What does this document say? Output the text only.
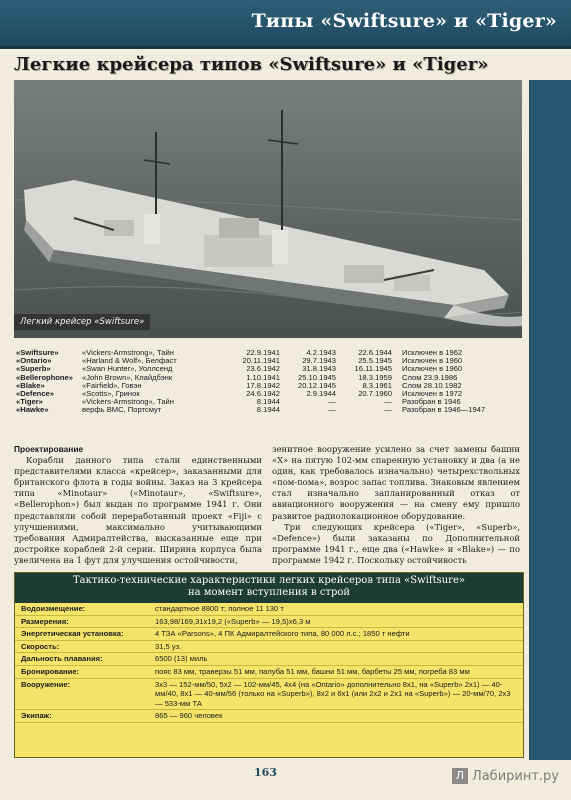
Типы «Swiftsure» и «Tiger»
Легкие крейсера типов «Swiftsure» и «Tiger»
Легкий крейсер «Swiftsure»
«Swiftsure»	«Vickers-Armstrong», Тайн	22.9.1941	4.2.1943	22.6.1944	Исключен в 1962
«Ontario»	«Harland & Wolf», Белфаст	20.11.1941	29.7.1943	25.5.1945	Исключен в 1960
«Superb»	«Swan Hunter», Уоллсенд	23.6.1942	31.8.1943	16.11.1945	Исключен в 1960
«Bellerophone»	«John Brown», Клайдбэнк	1.10.1941	25.10.1945	18.3.1959	Слом 23.9.1986
«Blake»	«Fairfield», Говэн	17.8.1942	20.12.1945	8.3.1961	Слом 28.10.1982
«Defence»	«Scotts», Гринок	24.6.1942	2.9.1944	20.7.1960	Исключен в 1972
«Tiger»	«Vickers-Armstrong», Тайн	8.1944	—	—	Разобран в 1946
«Hawke»	верфь ВМС, Портсмут	8.1944	—	—	Разобран в 1946—1947
Проектирование

Корабли данного типа стали единственными представителями класса «крейсер», заказанными для британского флота в годы войны. Заказ на 3 крейсера типа «Minotaur» («Minotaur», «Swiftsure», «Bellerophon») был выдан по программе 1941 г. Они представляли собой переработанный проект «Fiji» с улучшениями, максимально учитывающими требования Адмиралтейства, высказанные еще при достройке кораблей 2-й серии. Ширина корпуса была увеличена на 1 фут для улучшения остойчивости,

зенитное вооружение усилено за счет замены башни «X» на пятую 102-мм спаренную установку и два (а не один, как требовалось изначально) четырехствольных «пом-пома», возрос запас топлива. Знаковым явлением стал изначально запланированный отказ от авиационного вооружения — на смену ему пришло развитое радиолокационное оборудование.

Три следующих крейсера («Tiger», «Superb», «Defence») были заказаны по Дополнительной программе 1941 г., еще два («Hawke» и «Blake») — по программе 1942 г. Поскольку остойчивость

Тактико-технические характеристики легких крейсеров типа «Swiftsure»
на момент вступления в строй
Водоизмещение:	стандартное 8800 т; полное 11 130 т
Размерения:	163,98/169,31х19,2 («Superb» — 19,5)х6,3 м
Энергетическая установка:	4 ТЗА «Parsons», 4 ПК Адмиралтейского типа, 80 000 л.с.; 1850 т нефти
Скорость:	31,5 уз.
Дальность плавания:	6500 (13) миль
Бронирование:	пояс 83 мм, траверзы 51 мм, палуба 51 мм, башни 51 мм, барбеты 25 мм, погреба 83 мм
Вооружение:	3х3 — 152-мм/50, 5х2 — 102-мм/45, 4х4 (на «Ontario» дополнительно 8х1, на «Superb» 2х1) — 40-мм/40, 8х1 — 40-мм/56 (только на «Superb»), 8х2 и 6х1 (или 2х2 и 2х1 на «Superb») — 20-мм/70, 2х3 — 533-мм ТА
Экипаж:	865 — 960 человек
163	Л Лабиринт.ру
